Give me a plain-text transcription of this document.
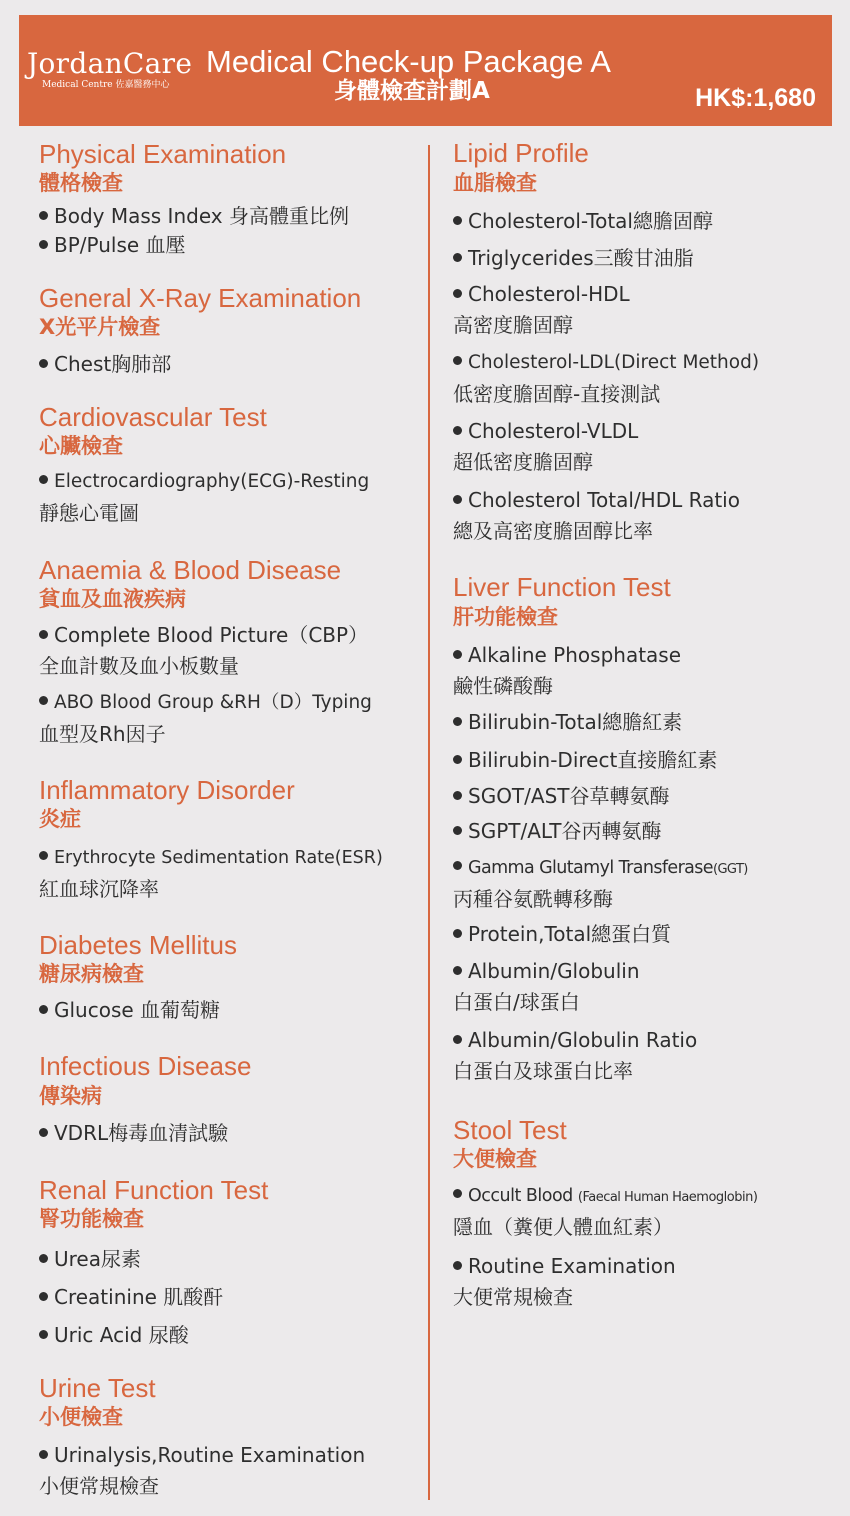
JordanCare
Medical Centre 佐嘉醫務中心
Medical Check-up Package A
身體檢查計劃A	HK$:1,680
Physical Examination
體格檢查
Body Mass Index 身高體重比例
BP/Pulse 血壓
General X-Ray Examination
X光平片檢查
Chest胸肺部
Cardiovascular Test
心臟檢查
Electrocardiography(ECG)-Resting
靜態心電圖
Anaemia & Blood Disease
貧血及血液疾病
Complete Blood Picture（CBP）
全血計數及血小板數量
ABO Blood Group &RH（D）Typing
血型及Rh因子
Inflammatory Disorder
炎症
Erythrocyte Sedimentation Rate(ESR)
紅血球沉降率
Diabetes Mellitus
糖尿病檢查
Glucose 血葡萄糖
Infectious Disease
傳染病
VDRL梅毒血清試驗
Renal Function Test
腎功能檢查
Urea尿素
Creatinine 肌酸酐
Uric Acid 尿酸
Urine Test
小便檢查
Urinalysis,Routine Examination
小便常規檢查
Lipid Profile
血脂檢查
Cholesterol-Total總膽固醇
Triglycerides三酸甘油脂
Cholesterol-HDL
高密度膽固醇
Cholesterol-LDL(Direct Method)
低密度膽固醇-直接測試
Cholesterol-VLDL
超低密度膽固醇
Cholesterol Total/HDL Ratio
總及高密度膽固醇比率
Liver Function Test
肝功能檢查
Alkaline Phosphatase
鹼性磷酸酶
Bilirubin-Total總膽紅素
Bilirubin-Direct直接膽紅素
SGOT/AST谷草轉氨酶
SGPT/ALT谷丙轉氨酶
Gamma Glutamyl Transferase(GGT)
丙種谷氨酰轉移酶
Protein,Total總蛋白質
Albumin/Globulin
白蛋白/球蛋白
Albumin/Globulin Ratio
白蛋白及球蛋白比率
Stool Test
大便檢查
Occult Blood (Faecal Human Haemoglobin)
隱血（糞便人體血紅素）
Routine Examination
大便常規檢查
